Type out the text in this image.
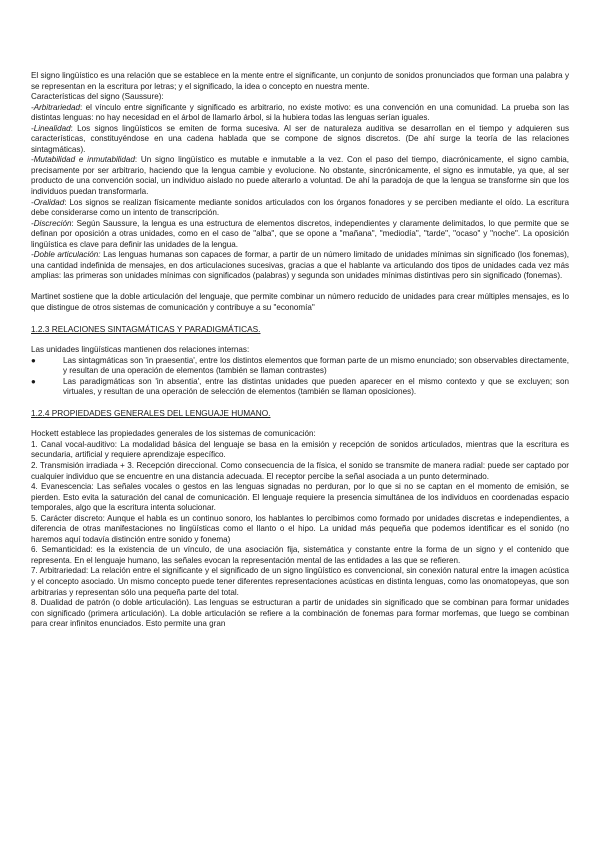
El signo lingüístico es una relación que se establece en la mente entre el significante, un conjunto de sonidos pronunciados que forman una palabra y se representan en la escritura por letras; y el significado, la idea o concepto en nuestra mente.

Características del signo (Saussure):

-Arbitrariedad: el vínculo entre significante y significado es arbitrario, no existe motivo: es una convención en una comunidad. La prueba son las distintas lenguas: no hay necesidad en el árbol de llamarlo árbol, si la hubiera todas las lenguas serían iguales.

-Linealidad: Los signos lingüísticos se emiten de forma sucesiva. Al ser de naturaleza auditiva se desarrollan en el tiempo y adquieren sus características, constituyéndose en una cadena hablada que se compone de signos discretos. (De ahí surge la teoría de las relaciones sintagmáticas).

-Mutabilidad e inmutabilidad: Un signo lingüístico es mutable e inmutable a la vez. Con el paso del tiempo, diacrónicamente, el signo cambia, precisamente por ser arbitrario, haciendo que la lengua cambie y evolucione. No obstante, sincrónicamente, el signo es inmutable, ya que, al ser producto de una convención social, un individuo aislado no puede alterarlo a voluntad. De ahí la paradoja de que la lengua se transforme sin que los individuos puedan transformarla.

-Oralidad: Los signos se realizan físicamente mediante sonidos articulados con los órganos fonadores y se perciben mediante el oído. La escritura debe considerarse como un intento de transcripción.

-Discreción: Según Saussure, la lengua es una estructura de elementos discretos, independientes y claramente delimitados, lo que permite que se definan por oposición a otras unidades, como en el caso de "alba", que se opone a "mañana", "mediodía", "tarde", "ocaso" y "noche". La oposición lingüística es clave para definir las unidades de la lengua.

-Doble articulación: Las lenguas humanas son capaces de formar, a partir de un número limitado de unidades mínimas sin significado (los fonemas), una cantidad indefinida de mensajes, en dos articulaciones sucesivas, gracias a que el hablante va articulando dos tipos de unidades cada vez más amplias: las primeras son unidades mínimas con significados (palabras) y segunda son unidades mínimas distintivas pero sin significado (fonemas).

Martinet sostiene que la doble articulación del lenguaje, que permite combinar un número reducido de unidades para crear múltiples mensajes, es lo que distingue de otros sistemas de comunicación y contribuye a su "economía"

1.2.3 RELACIONES SINTAGMÁTICAS Y PARADIGMÁTICAS.

Las unidades lingüísticas mantienen dos relaciones internas:

●	Las sintagmáticas son 'in praesentia', entre los distintos elementos que forman parte de un mismo enunciado; son observables directamente, y resultan de una operación de elementos (también se llaman contrastes)
●	Las paradigmáticas son 'in absentia', entre las distintas unidades que pueden aparecer en el mismo contexto y que se excluyen; son virtuales, y resultan de una operación de selección de elementos (también se llaman oposiciones).

1.2.4 PROPIEDADES GENERALES DEL LENGUAJE HUMANO.

Hockett establece las propiedades generales de los sistemas de comunicación:

1. Canal vocal-auditivo: La modalidad básica del lenguaje se basa en la emisión y recepción de sonidos articulados, mientras que la escritura es secundaria, artificial y requiere aprendizaje específico.

2. Transmisión irradiada + 3. Recepción direccional. Como consecuencia de la física, el sonido se transmite de manera radial: puede ser captado por cualquier individuo que se encuentre en una distancia adecuada. El receptor percibe la señal asociada a un punto determinado.

4. Evanescencia: Las señales vocales o gestos en las lenguas signadas no perduran, por lo que si no se captan en el momento de emisión, se pierden. Esto evita la saturación del canal de comunicación. El lenguaje requiere la presencia simultánea de los individuos en coordenadas espacio temporales, algo que la escritura intenta solucionar.

5. Carácter discreto: Aunque el habla es un continuo sonoro, los hablantes lo percibimos como formado por unidades discretas e independientes, a diferencia de otras manifestaciones no lingüísticas como el llanto o el hipo. La unidad más pequeña que podemos identificar es el sonido (no haremos aquí todavía distinción entre sonido y fonema)

6. Semanticidad: es la existencia de un vínculo, de una asociación fija, sistemática y constante entre la forma de un signo y el contenido que representa. En el lenguaje humano, las señales evocan la representación mental de las entidades a las que se refieren.

7. Arbitrariedad: La relación entre el significante y el significado de un signo lingüístico es convencional, sin conexión natural entre la imagen acústica y el concepto asociado. Un mismo concepto puede tener diferentes representaciones acústicas en distinta lenguas, como las onomatopeyas, que son arbitrarias y representan sólo una pequeña parte del total.

8. Dualidad de patrón (o doble articulación). Las lenguas se estructuran a partir de unidades sin significado que se combinan para formar unidades con significado (primera articulación). La doble articulación se refiere a la combinación de fonemas para formar morfemas, que luego se combinan para crear infinitos enunciados. Esto permite una gran
